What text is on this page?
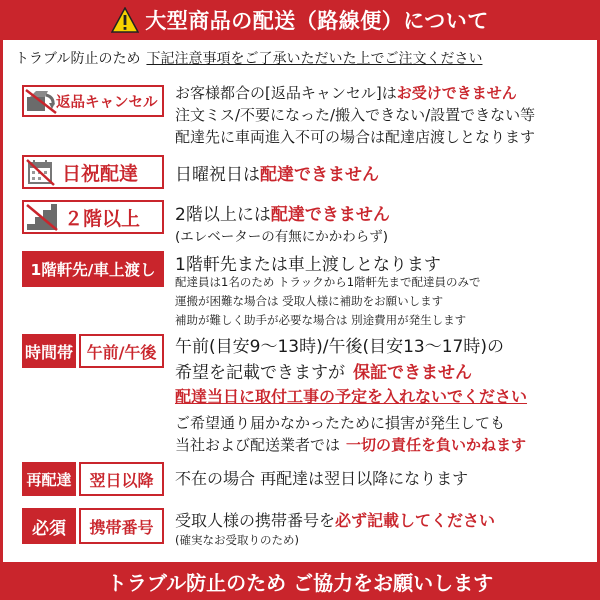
大型商品の配送（路線便）について
トラブル防止のため 下記注意事項をご了承いただいた上でご注文ください
返品キャンセル
お客様都合の[返品キャンセル]はお受けできません
注文ミス/不要になった/搬入できない/設置できない等
配達先に車両進入不可の場合は配達店渡しとなります
日祝配達 日曜祝日は配達できません
２階以上 2階以上には配達できません
(エレベーターの有無にかかわらず)
1階軒先/車上渡し	1階軒先または車上渡しとなります
配達員は1名のため トラックから1階軒先まで配達員のみで
運搬が困難な場合は 受取人様に補助をお願いします
補助が難しく助手が必要な場合は 別途費用が発生します
時間帯 午前/午後	午前(目安9～13時)/午後(目安13～17時)の
希望を記載できますが 保証できません
配達当日に取付工事の予定を入れないでください
ご希望通り届かなかったために損害が発生しても
当社および配送業者では 一切の責任を負いかねます
再配達	翌日以降	不在の場合 再配達は翌日以降になります
必須	携帯番号	受取人様の携帯番号を必ず記載してください
(確実なお受取りのため)
トラブル防止のため ご協力をお願いします
